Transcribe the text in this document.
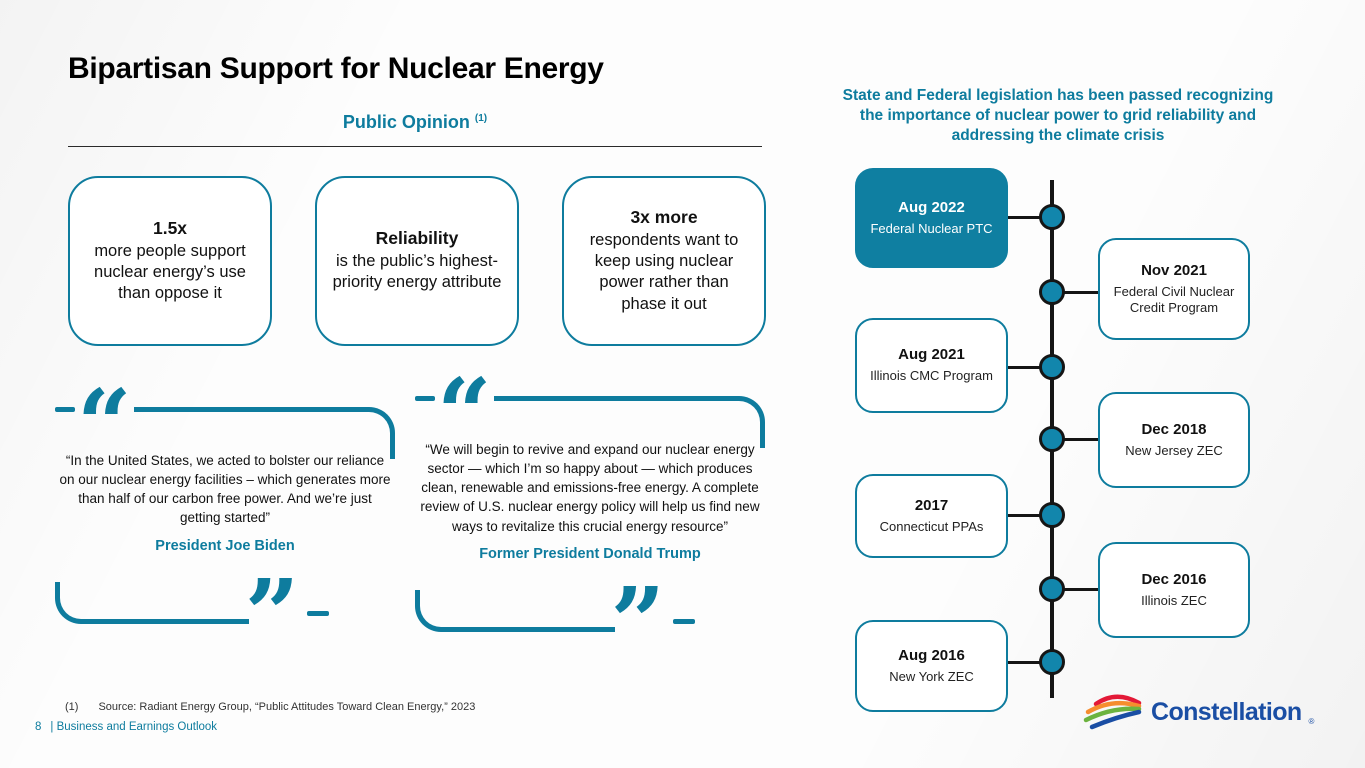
Bipartisan Support for Nuclear Energy
Public Opinion $^{(1)}$
1.5x
more people support nuclear energy’s use than oppose it
Reliability
is the public’s highest-priority energy attribute
3x more
respondents want to keep using nuclear power rather than phase it out
“
“In the United States, we acted to bolster our reliance on our nuclear energy facilities – which generates more than half of our carbon free power. And we’re just getting started”
President Joe Biden
”
“
“We will begin to revive and expand our nuclear energy sector — which I’m so happy about — which produces clean, renewable and emissions-free energy. A complete review of U.S. nuclear energy policy will help us find new ways to revitalize this crucial energy resource”
Former President Donald Trump
”
(1) Source: Radiant Energy Group, “Public Attitudes Toward Clean Energy,” 2023
8 | Business and Earnings Outlook
State and Federal legislation has been passed recognizing the importance of nuclear power to grid reliability and addressing the climate crisis
Aug 2022
Federal Nuclear PTC
Nov 2021
Federal Civil Nuclear Credit Program
Aug 2021
Illinois CMC Program
Dec 2018
New Jersey ZEC
2017
Connecticut PPAs
Dec 2016
Illinois ZEC
Aug 2016
New York ZEC
Constellation ®
